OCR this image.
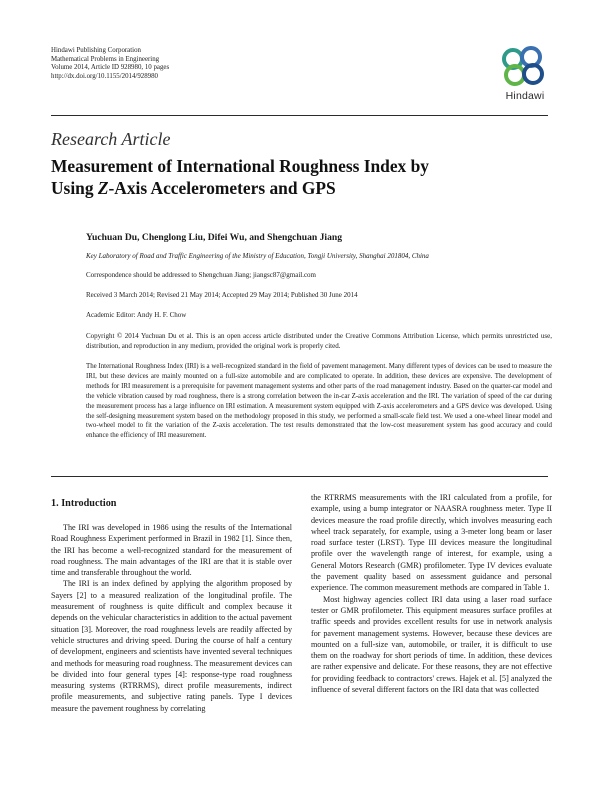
Hindawi Publishing Corporation
Mathematical Problems in Engineering
Volume 2014, Article ID 928980, 10 pages
http://dx.doi.org/10.1155/2014/928980
Hindawi
Research Article
Measurement of International Roughness Index by
Using Z-Axis Accelerometers and GPS
Yuchuan Du, Chenglong Liu, Difei Wu, and Shengchuan Jiang
Key Laboratory of Road and Traffic Engineering of the Ministry of Education, Tongji University, Shanghai 201804, China
Correspondence should be addressed to Shengchuan Jiang; jiangsc87@gmail.com
Received 3 March 2014; Revised 21 May 2014; Accepted 29 May 2014; Published 30 June 2014
Academic Editor: Andy H. F. Chow
Copyright © 2014 Yuchuan Du et al. This is an open access article distributed under the Creative Commons Attribution License, which permits unrestricted use, distribution, and reproduction in any medium, provided the original work is properly cited.
The International Roughness Index (IRI) is a well-recognized standard in the field of pavement management. Many different types of devices can be used to measure the IRI, but these devices are mainly mounted on a full-size automobile and are complicated to operate. In addition, these devices are expensive. The development of methods for IRI measurement is a prerequisite for pavement management systems and other parts of the road management industry. Based on the quarter-car model and the vehicle vibration caused by road roughness, there is a strong correlation between the in-car Z-axis acceleration and the IRI. The variation of speed of the car during the measurement process has a large influence on IRI estimation. A measurement system equipped with Z-axis accelerometers and a GPS device was developed. Using the self-designing measurement system based on the methodology proposed in this study, we performed a small-scale field test. We used a one-wheel linear model and two-wheel model to fit the variation of the Z-axis acceleration. The test results demonstrated that the low-cost measurement system has good accuracy and could enhance the efficiency of IRI measurement.
1. Introduction

The IRI was developed in 1986 using the results of the International Road Roughness Experiment performed in Brazil in 1982 [1]. Since then, the IRI has become a well-recognized standard for the measurement of road roughness. The main advantages of the IRI are that it is stable over time and transferable throughout the world.

The IRI is an index defined by applying the algorithm proposed by Sayers [2] to a measured realization of the longitudinal profile. The measurement of roughness is quite difficult and complex because it depends on the vehicular characteristics in addition to the actual pavement situation [3]. Moreover, the road roughness levels are readily affected by vehicle structures and driving speed. During the course of half a century of development, engineers and scientists have invented several techniques and methods for measuring road roughness. The measurement devices can be divided into four general types [4]: response-type road roughness measuring systems (RTRRMS), direct profile measurements, indirect profile measurements, and subjective rating panels. Type I devices measure the pavement roughness by correlating

the RTRRMS measurements with the IRI calculated from a profile, for example, using a bump integrator or NAASRA roughness meter. Type II devices measure the road profile directly, which involves measuring each wheel track separately, for example, using a 3-meter long beam or laser road surface tester (LRST). Type III devices measure the longitudinal profile over the wavelength range of interest, for example, using a General Motors Research (GMR) profilometer. Type IV devices evaluate the pavement quality based on assessment guidance and personal experience. The common measurement methods are compared in Table 1.

Most highway agencies collect IRI data using a laser road surface tester or GMR profilometer. This equipment measures surface profiles at traffic speeds and provides excellent results for use in network analysis for pavement management systems. However, because these devices are mounted on a full-size van, automobile, or trailer, it is difficult to use them on the roadway for short periods of time. In addition, these devices are rather expensive and delicate. For these reasons, they are not effective for providing feedback to contractors' crews. Hajek et al. [5] analyzed the influence of several different factors on the IRI data that was collected
